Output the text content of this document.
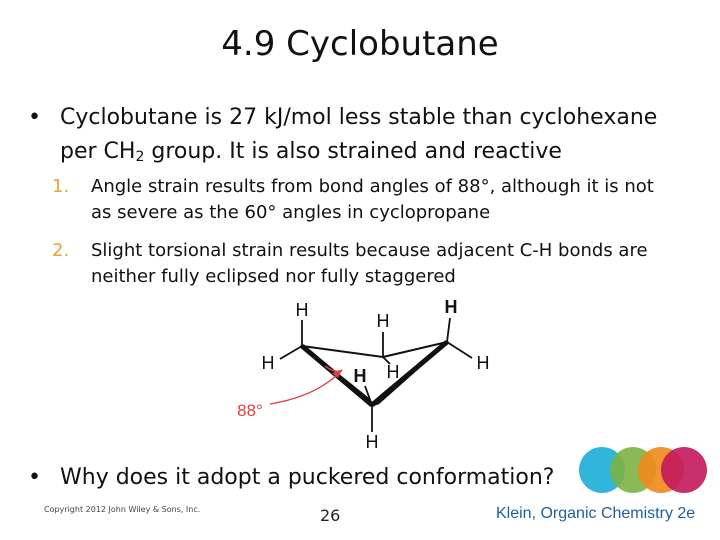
4.9 Cyclobutane
• Cyclobutane is 27 kJ/mol less stable than cyclohexane
per $CH_2$ group. It is also strained and reactive
1. Angle strain results from bond angles of 88°, although it is not
as severe as the 60° angles in cyclopropane
2. Slight torsional strain results because adjacent C-H bonds are
neither fully eclipsed nor fully staggered
H
H
H
H	H
H H
H
88°
• Why does it adopt a puckered conformation?
Copyright 2012 John Wiley & Sons, Inc.	26	Klein, Organic Chemistry 2e
